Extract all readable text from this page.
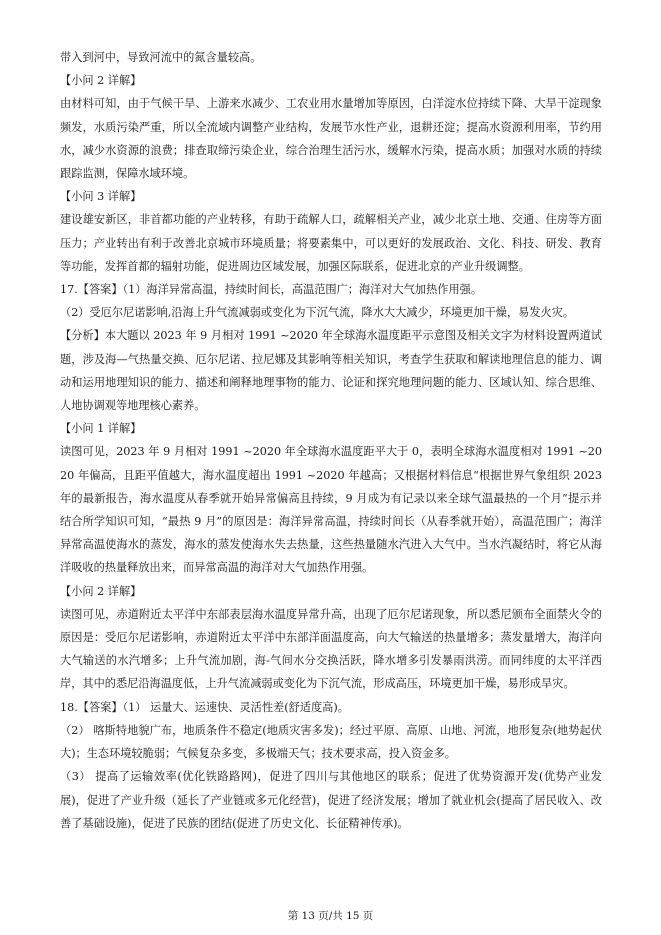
带入到河中，导致河流中的氮含量较高。

【小问 2 详解】

由材料可知，由于气候干旱、上游来水减少、工农业用水量增加等原因，白洋淀水位持续下降、大旱干淀现象频发，水质污染严重，所以全流域内调整产业结构，发展节水性产业，退耕还淀；提高水资源利用率，节约用水，减少水资源的浪费；排查取缔污染企业，综合治理生活污水，缓解水污染，提高水质；加强对水质的持续跟踪监测，保障水域环境。

【小问 3 详解】

建设雄安新区，非首都功能的产业转移，有助于疏解人口，疏解相关产业，减少北京土地、交通、住房等方面压力；产业转出有利于改善北京城市环境质量；将要素集中，可以更好的发展政治、文化、科技、研发、教育等功能，发挥首都的辐射功能，促进周边区域发展，加强区际联系，促进北京的产业升级调整。

17.【答案】（1）海洋异常高温，持续时间长，高温范围广；海洋对大气加热作用强。

（2）受厄尔尼诺影响,沿海上升气流减弱或变化为下沉气流，降水大大减少，环境更加干燥，易发火灾。

【分析】本大题以 2023 年 9 月相对 1991 ~2020 年全球海水温度距平示意图及相关文字为材料设置两道试题，涉及海—气热量交换、厄尔尼诺、拉尼娜及其影响等相关知识，考查学生获取和解读地理信息的能力、调动和运用地理知识的能力、描述和阐释地理事物的能力、论证和探究地理问题的能力、区域认知、综合思维、人地协调观等地理核心素养。

【小问 1 详解】

读图可见，2023 年 9 月相对 1991 ~2020 年全球海水温度距平大于 0，表明全球海水温度相对 1991 ~2020 年偏高，且距平值越大，海水温度超出 1991 ~2020 年越高；又根据材料信息“根据世界气象组织 2023 年的最新报告，海水温度从春季就开始异常偏高且持续，9 月成为有记录以来全球气温最热的一个月”提示并结合所学知识可知，“最热 9 月”的原因是：海洋异常高温，持续时间长（从春季就开始），高温范围广；海洋异常高温使海水的蒸发，海水的蒸发使海水失去热量，这些热量随水汽进入大气中。当水汽凝结时，将它从海洋吸收的热量释放出来，而异常高温的海洋对大气加热作用强。

【小问 2 详解】

读图可见，赤道附近太平洋中东部表层海水温度异常升高，出现了厄尔尼诺现象，所以悉尼颁布全面禁火令的原因是：受厄尔尼诺影响，赤道附近太平洋中东部洋面温度高，向大气输送的热量增多；蒸发量增大，海洋向大气输送的水汽增多；上升气流加剧，海-气间水分交换活跃，降水增多引发暴雨洪涝。而同纬度的太平洋西岸，其中的悉尼沿海温度低，上升气流减弱或变化为下沉气流，形成高压，环境更加干燥，易形成旱灾。

18.【答案】（1） 运量大、运速快、灵活性差(舒适度高)。

（2） 喀斯特地貌广布，地质条件不稳定(地质灾害多发)；经过平原、高原、山地、河流，地形复杂(地势起伏大)；生态环境较脆弱；气候复杂多变，多极端天气；技术要求高，投入资金多。

（3） 提高了运输效率(优化铁路路网)，促进了四川与其他地区的联系；促进了优势资源开发(优势产业发展)，促进了产业升级（延长了产业链或多元化经营)，促进了经济发展；增加了就业机会(提高了居民收入、改善了基础设施)，促进了民族的团结(促进了历史文化、长征精神传承)。

第 13 页/共 15 页
